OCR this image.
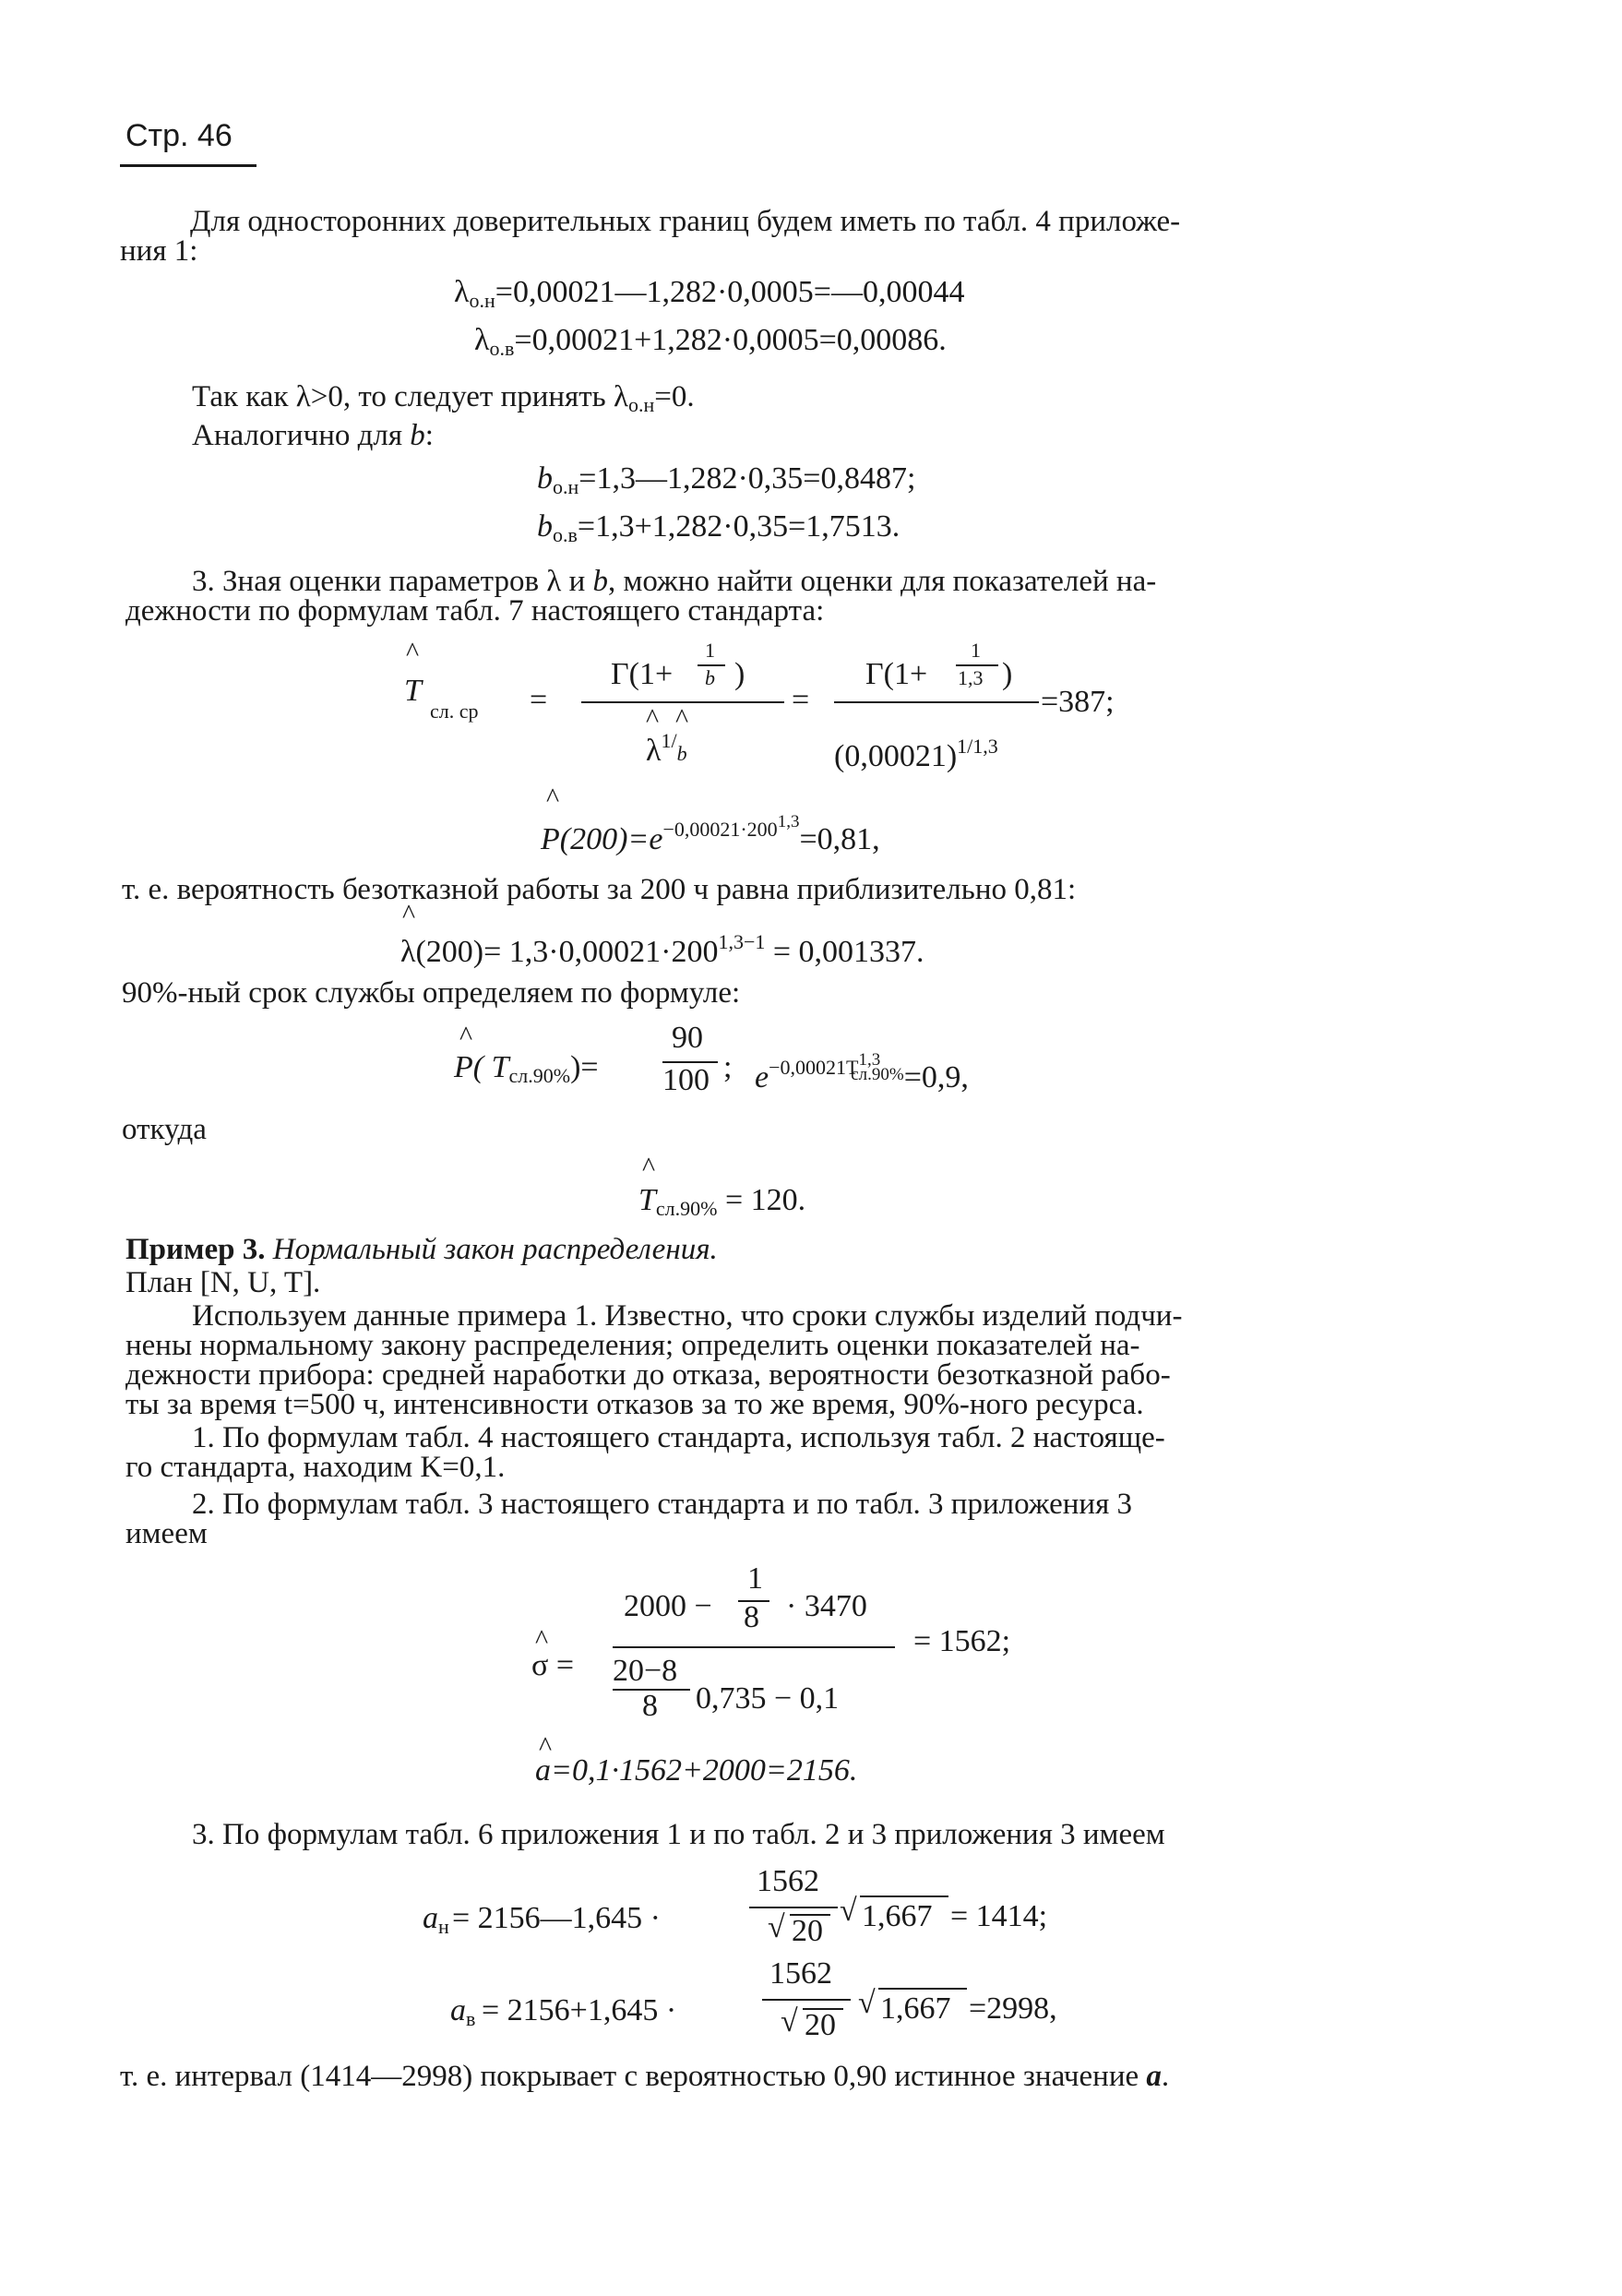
Стр. 46
Для односторонних доверительных границ будем иметь по табл. 4 приложе-
ния 1:
$\lambda_{о.н}=0,00021—1,282\cdot 0,0005=—0,00044$
$\lambda_{о.в}=0,00021+1,282\cdot 0,0005=0,00086$.
Так как λ>0, то следует принять $\lambda_{о.н}=0$.
Аналогично для b:
$b_{о.н}=1,3—1,282\cdot 0,35=0,8487$;
$b_{о.в}=1,3+1,282\cdot 0,35=1,7513$.
3. Зная оценки параметров λ и b, можно найти оценки для показателей на-
дежности по формулам табл. 7 настоящего стандарта:
^
T
сл. ср =
Г(1+
1
b )
^ ^
$\lambda^{1/}b$
=
Г(1+
1
1,3 )
$(0,00021)^{1/1,3}$
=387;
^
$P(200)=e^{-0,00021\cdot 2001,3}=0,81$,
т. е. вероятность безотказной работы за 200 ч равна приблизительно 0,81:
^
$\lambda(200)= 1,3\cdot 0,00021\cdot 200^{1,3-1} = 0,001337$.
90%-ный срок службы определяем по формуле:
^
P( $T_{сл.90\%})=$
90
100 ; $e^{-0,00021T1,3сл.90\%}=0,9$,
откуда
^
$T_{сл.90\%} = 120$.
Пример 3. Нормальный закон распределения.
План [N, U, T].
Используем данные примера 1. Известно, что сроки службы изделий подчи-
нены нормальному закону распределения; определить оценки показателей на-
дежности прибора: средней наработки до отказа, вероятности безотказной рабо-
ты за время t=500 ч, интенсивности отказов за то же время, 90%-ного ресурса.
1. По формулам табл. 4 настоящего стандарта, используя табл. 2 настояще-
го стандарта, находим K=0,1.
2. По формулам табл. 3 настоящего стандарта и по табл. 3 приложения 3
имеем
^
σ =
2000 −
1
8 · 3470
20−8
8 0,735 − 0,1
= 1562;
^
a=0,1·1562+2000=2156.
3. По формулам табл. 6 приложения 1 и по табл. 2 и 3 приложения 3 имеем
$a_н$ = 2156—1,645 ·
1562
√ 20
√ 1,667 = 1414;
$a_в = 2156+1,645$ ·
1562
√ 20
√ 1,667 =2998,
т. е. интервал (1414—2998) покрывает с вероятностью 0,90 истинное значение a.
